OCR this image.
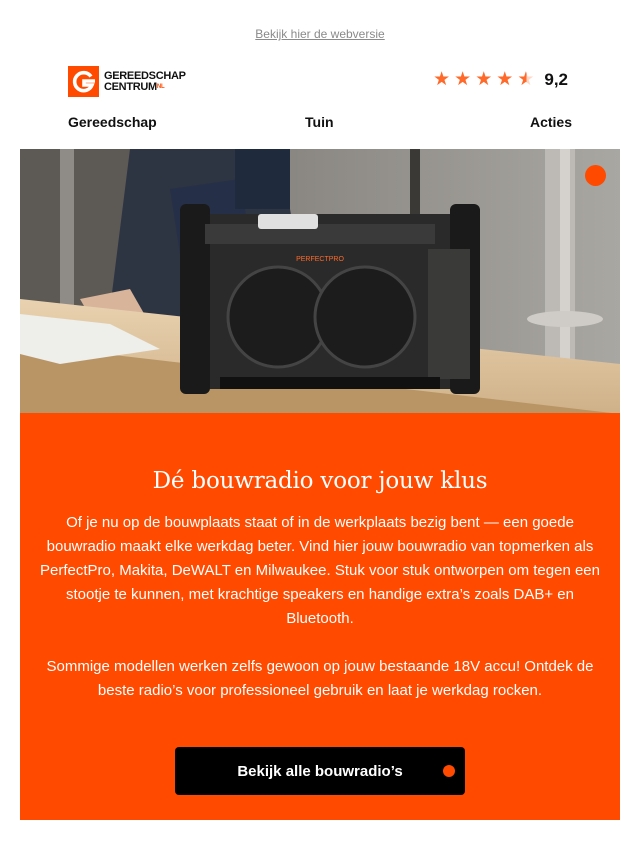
Bekijk hier de webversie
GEREEDSCHAP
$CENTRUM^{NL}$	★ ★ ★ ★ ★ 9,2
Gereedschap	Tuin	Acties
PERFECTPRO
Dé bouwradio voor jouw klus

Of je nu op de bouwplaats staat of in de werkplaats bezig bent — een goede bouwradio maakt elke werkdag beter. Vind hier jouw bouwradio van topmerken als PerfectPro, Makita, DeWALT en Milwaukee. Stuk voor stuk ontworpen om tegen een stootje te kunnen, met krachtige speakers en handige extra’s zoals DAB+ en Bluetooth.

Sommige modellen werken zelfs gewoon op jouw bestaande 18V accu! Ontdek de beste radio’s voor professioneel gebruik en laat je werkdag rocken.

Bekijk alle bouwradio’s
